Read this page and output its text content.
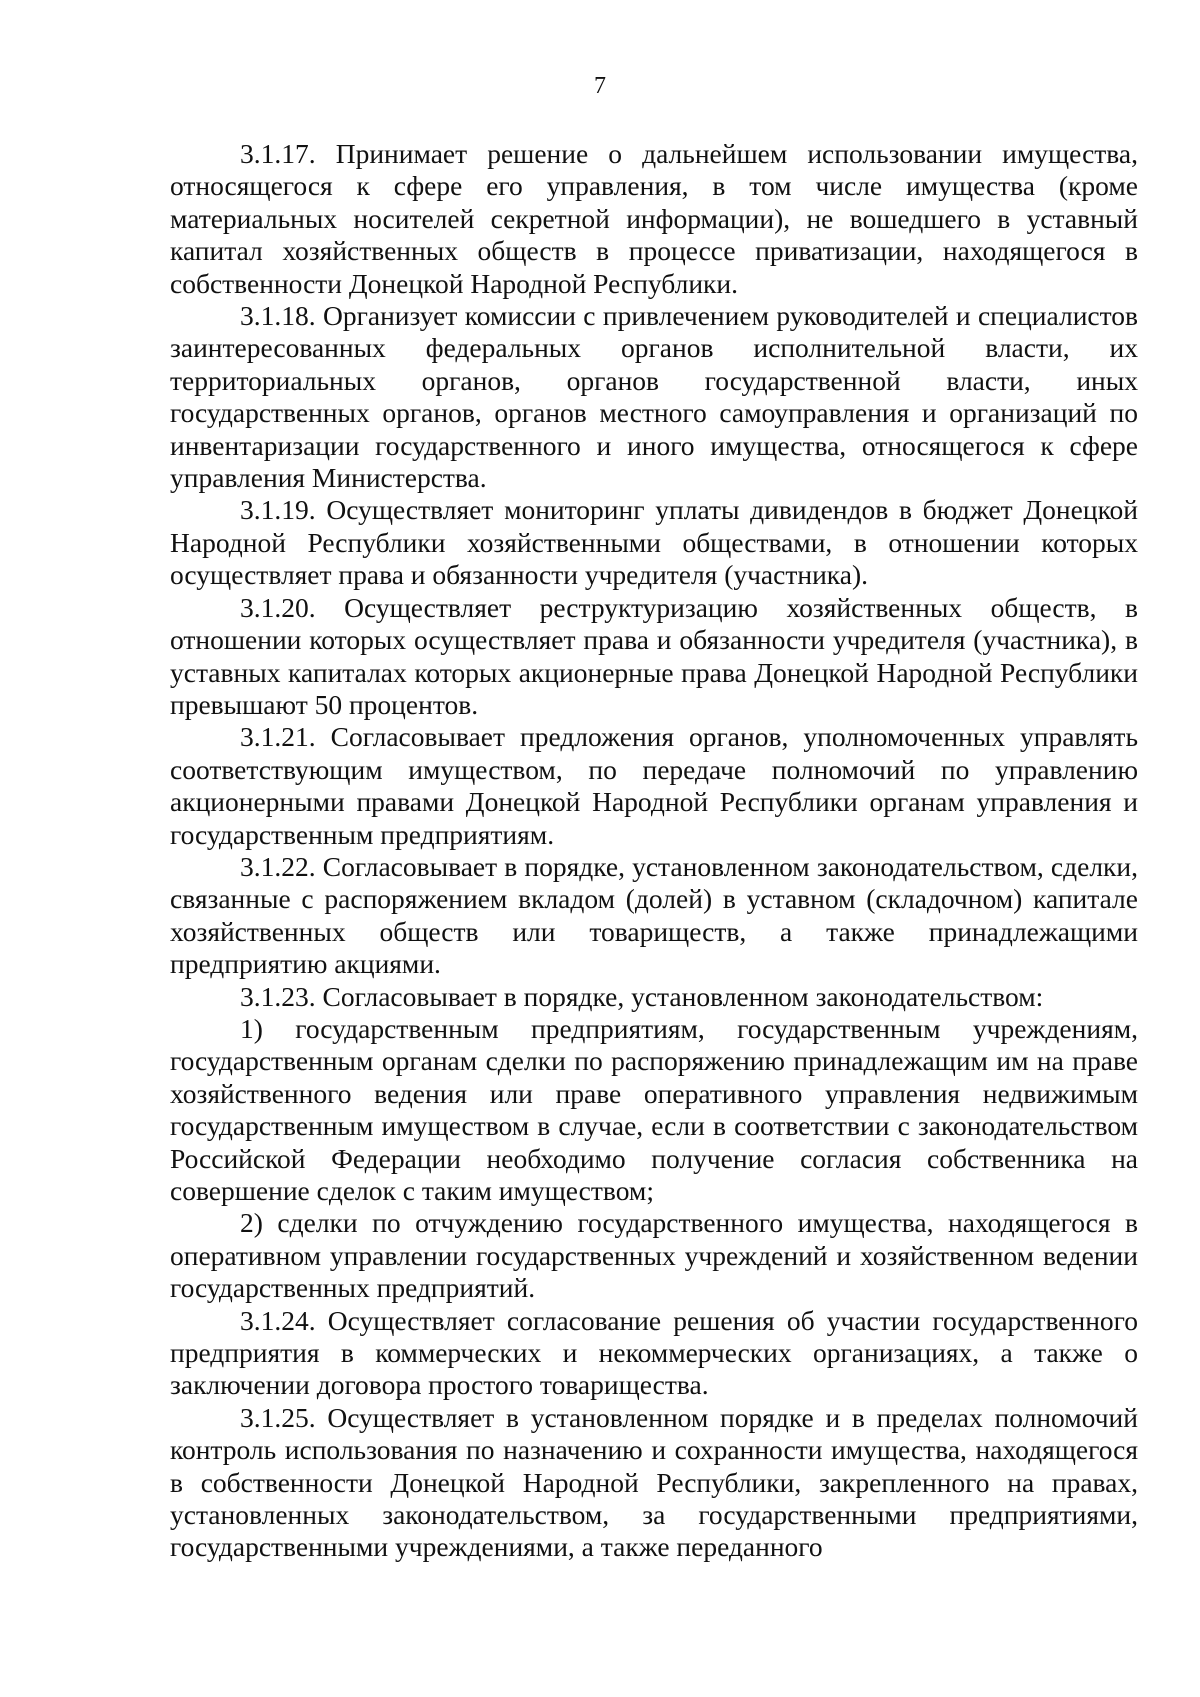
7

3.1.17. Принимает решение о дальнейшем использовании имущества, относящегося к сфере его управления, в том числе имущества (кроме материальных носителей секретной информации), не вошедшего в уставный капитал хозяйственных обществ в процессе приватизации, находящегося в собственности Донецкой Народной Республики.

3.1.18. Организует комиссии с привлечением руководителей и специалистов заинтересованных федеральных органов исполнительной власти, их территориальных органов, органов государственной власти, иных государственных органов, органов местного самоуправления и организаций по инвентаризации государственного и иного имущества, относящегося к сфере управления Министерства.

3.1.19. Осуществляет мониторинг уплаты дивидендов в бюджет Донецкой Народной Республики хозяйственными обществами, в отношении которых осуществляет права и обязанности учредителя (участника).

3.1.20. Осуществляет реструктуризацию хозяйственных обществ, в отношении которых осуществляет права и обязанности учредителя (участника), в уставных капиталах которых акционерные права Донецкой Народной Республики превышают 50 процентов.

3.1.21. Согласовывает предложения органов, уполномоченных управлять соответствующим имуществом, по передаче полномочий по управлению акционерными правами Донецкой Народной Республики органам управления и государственным предприятиям.

3.1.22. Согласовывает в порядке, установленном законодательством, сделки, связанные с распоряжением вкладом (долей) в уставном (складочном) капитале хозяйственных обществ или товариществ, а также принадлежащими предприятию акциями.

3.1.23. Согласовывает в порядке, установленном законодательством:

1) государственным предприятиям, государственным учреждениям, государственным органам сделки по распоряжению принадлежащим им на праве хозяйственного ведения или праве оперативного управления недвижимым государственным имуществом в случае, если в соответствии с законодательством Российской Федерации необходимо получение согласия собственника на совершение сделок с таким имуществом;

2) сделки по отчуждению государственного имущества, находящегося в оперативном управлении государственных учреждений и хозяйственном ведении государственных предприятий.

3.1.24. Осуществляет согласование решения об участии государственного предприятия в коммерческих и некоммерческих организациях, а также о заключении договора простого товарищества.

3.1.25. Осуществляет в установленном порядке и в пределах полномочий контроль использования по назначению и сохранности имущества, находящегося в собственности Донецкой Народной Республики, закрепленного на правах, установленных законодательством, за государственными предприятиями, государственными учреждениями, а также переданного
